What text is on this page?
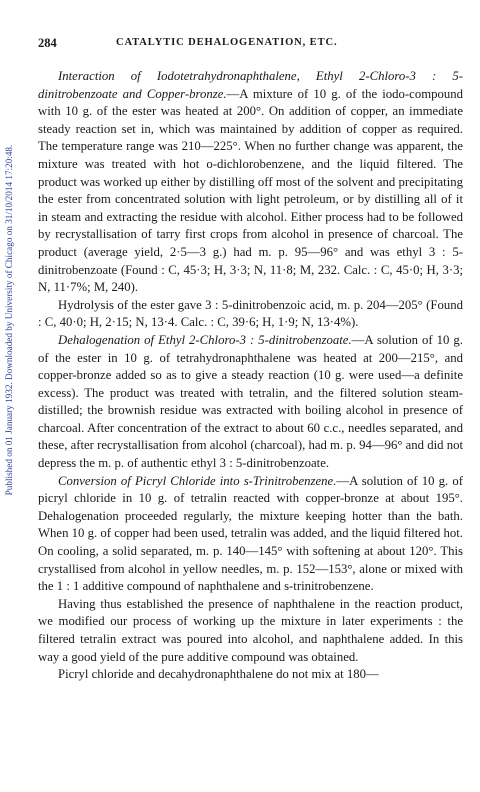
Published on 01 January 1932. Downloaded by University of Chicago on 31/10/2014 17:20:48.
284	CATALYTIC DEHALOGENATION, ETC.

Interaction of Iodotetrahydronaphthalene, Ethyl 2-Chloro-3 : 5-dinitrobenzoate and Copper-bronze.—A mixture of 10 g. of the iodo-compound with 10 g. of the ester was heated at 200°. On addition of copper, an immediate steady reaction set in, which was maintained by addition of copper as required. The temperature range was 210—225°. When no further change was apparent, the mixture was treated with hot o-dichlorobenzene, and the liquid filtered. The product was worked up either by distilling off most of the solvent and precipitating the ester from concentrated solution with light petroleum, or by distilling all of it in steam and extracting the residue with alcohol. Either process had to be followed by recrystallisation of tarry first crops from alcohol in presence of charcoal. The product (average yield, 2·5—3 g.) had m. p. 95—96° and was ethyl 3 : 5-dinitrobenzoate (Found : C, 45·3; H, 3·3; N, 11·8; M, 232. Calc. : C, 45·0; H, 3·3; N, 11·7%; M, 240).

Hydrolysis of the ester gave 3 : 5-dinitrobenzoic acid, m. p. 204—205° (Found : C, 40·0; H, 2·15; N, 13·4. Calc. : C, 39·6; H, 1·9; N, 13·4%).

Dehalogenation of Ethyl 2-Chloro-3 : 5-dinitrobenzoate.—A solution of 10 g. of the ester in 10 g. of tetrahydronaphthalene was heated at 200—215°, and copper-bronze added so as to give a steady reaction (10 g. were used—a definite excess). The product was treated with tetralin, and the filtered solution steam-distilled; the brownish residue was extracted with boiling alcohol in presence of charcoal. After concentration of the extract to about 60 c.c., needles separated, and these, after recrystallisation from alcohol (charcoal), had m. p. 94—96° and did not depress the m. p. of authentic ethyl 3 : 5-dinitrobenzoate.

Conversion of Picryl Chloride into s-Trinitrobenzene.—A solution of 10 g. of picryl chloride in 10 g. of tetralin reacted with copper-bronze at about 195°. Dehalogenation proceeded regularly, the mixture keeping hotter than the bath. When 10 g. of copper had been used, tetralin was added, and the liquid filtered hot. On cooling, a solid separated, m. p. 140—145° with softening at about 120°. This crystallised from alcohol in yellow needles, m. p. 152—153°, alone or mixed with the 1 : 1 additive compound of naphthalene and s-trinitrobenzene.

Having thus established the presence of naphthalene in the reaction product, we modified our process of working up the mixture in later experiments : the filtered tetralin extract was poured into alcohol, and naphthalene added. In this way a good yield of the pure additive compound was obtained.

Picryl chloride and decahydronaphthalene do not mix at 180—
